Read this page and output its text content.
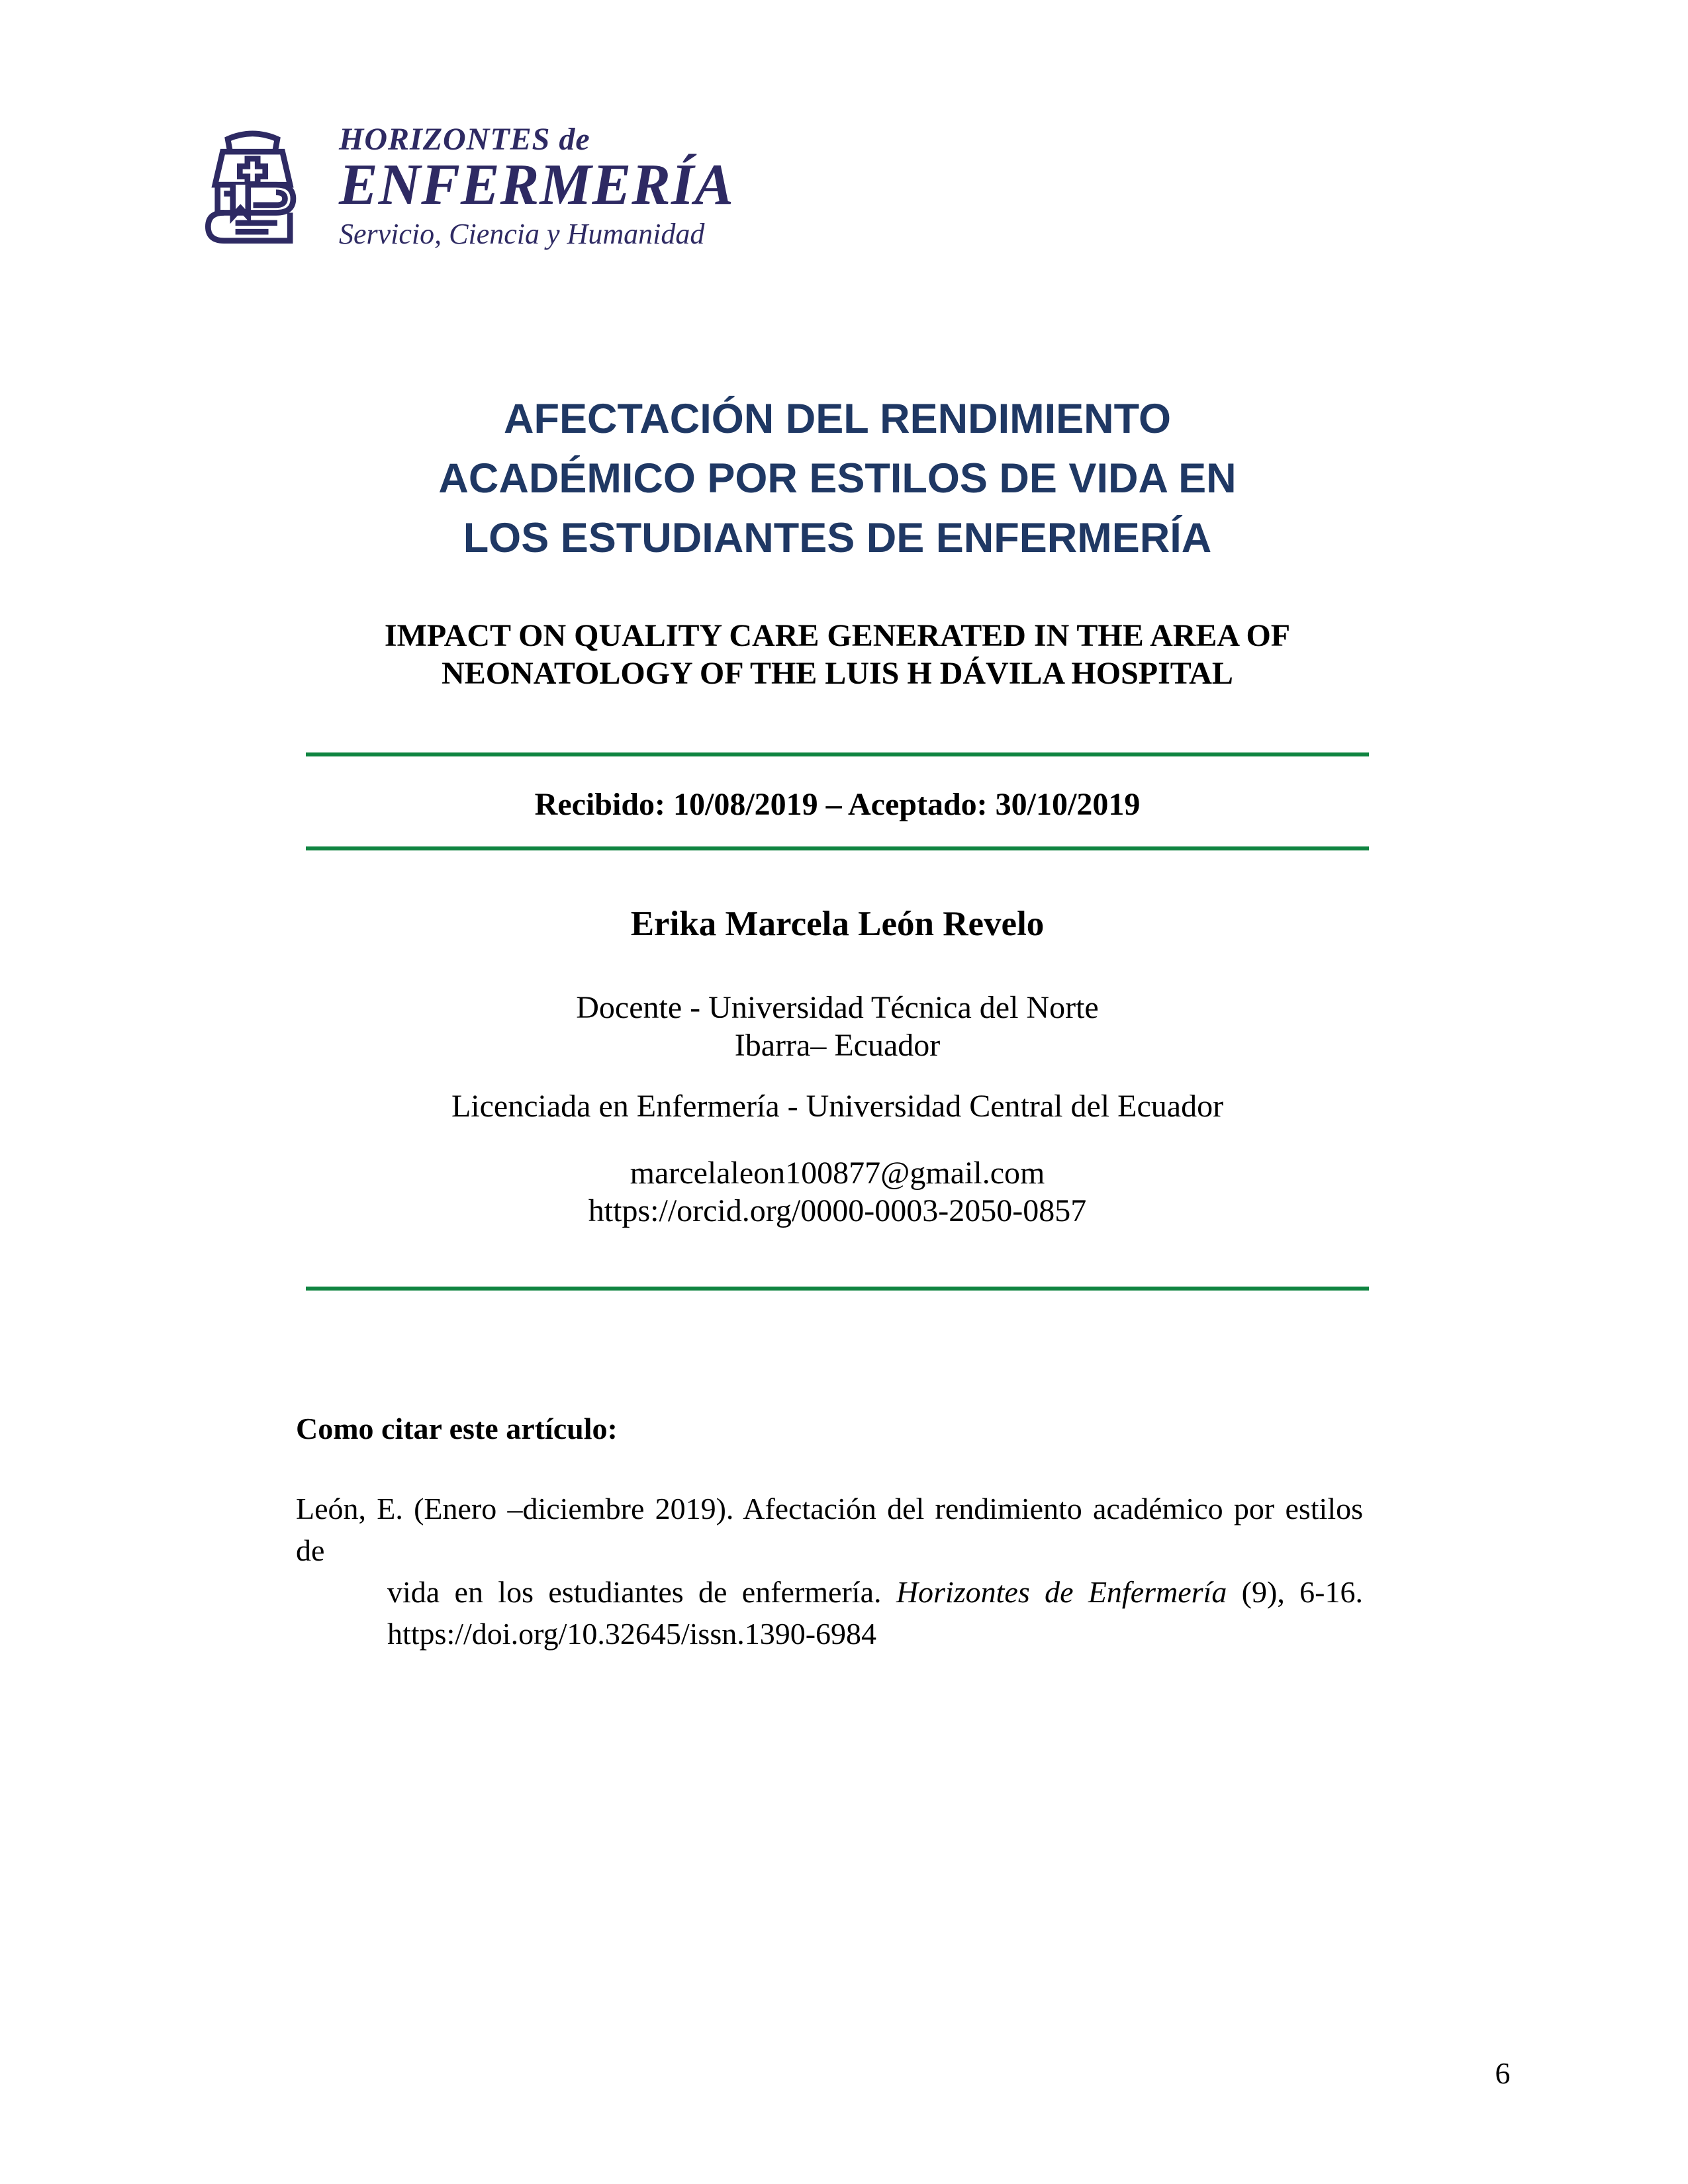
HORIZONTES de
ENFERMERÍA
Servicio, Ciencia y Humanidad
AFECTACIÓN DEL RENDIMIENTO
ACADÉMICO POR ESTILOS DE VIDA EN
LOS ESTUDIANTES DE ENFERMERÍA
IMPACT ON QUALITY CARE GENERATED IN THE AREA OF
NEONATOLOGY OF THE LUIS H DÁVILA HOSPITAL
Recibido: 10/08/2019 – Aceptado: 30/10/2019
Erika Marcela León Revelo
Docente - Universidad Técnica del Norte
Ibarra– Ecuador
Licenciada en Enfermería - Universidad Central del Ecuador
marcelaleon100877@gmail.com
https://orcid.org/0000-0003-2050-0857
Como citar este artículo:
León, E. (Enero –diciembre 2019). Afectación del rendimiento académico por estilos de
vida en los estudiantes de enfermería. Horizontes de Enfermería (9), 6-16.
https://doi.org/10.32645/issn.1390-6984
6
